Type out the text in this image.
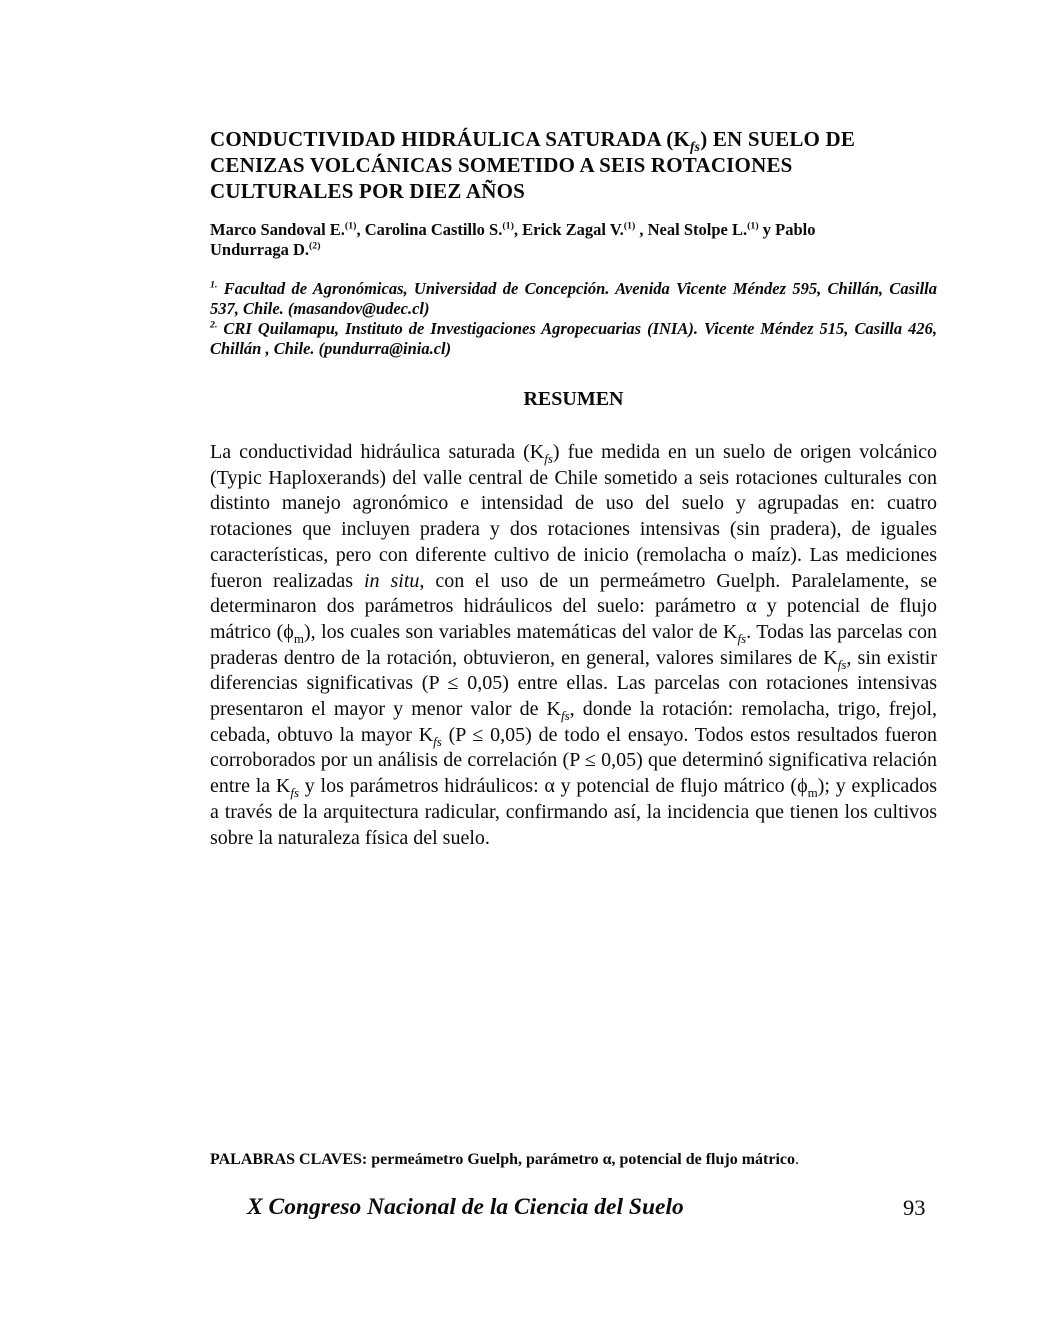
CONDUCTIVIDAD HIDRÁULICA SATURADA $(K_{fs})$ EN SUELO DE
CENIZAS VOLCÁNICAS SOMETIDO A SEIS ROTACIONES
CULTURALES POR DIEZ AÑOS
Marco Sandoval E.$^{(1)}$, Carolina Castillo S.$^{(1)}$, Erick Zagal V.$^{(1)}$ , Neal Stolpe L.$^{(1)}$ y Pablo
Undurraga D.$^{(2)}$

$^{1.}$ Facultad de Agronómicas, Universidad de Concepción. Avenida Vicente Méndez 595, Chillán, Casilla 537, Chile. (masandov@udec.cl)

$^{2.}$ CRI Quilamapu, Instituto de Investigaciones Agropecuarias (INIA). Vicente Méndez 515, Casilla 426, Chillán , Chile. (pundurra@inia.cl)

RESUMEN
La conductividad hidráulica saturada $(K_{fs})$ fue medida en un suelo de origen volcánico (Typic Haploxerands) del valle central de Chile sometido a seis rotaciones culturales con distinto manejo agronómico e intensidad de uso del suelo y agrupadas en: cuatro rotaciones que incluyen pradera y dos rotaciones intensivas (sin pradera), de iguales características, pero con diferente cultivo de inicio (remolacha o maíz). Las mediciones fueron realizadas in situ, con el uso de un permeámetro Guelph. Paralelamente, se determinaron dos parámetros hidráulicos del suelo: parámetro α y potencial de flujo mátrico $(\phi_m)$, los cuales son variables matemáticas del valor de $K_{fs}$. Todas las parcelas con praderas dentro de la rotación, obtuvieron, en general, valores similares de $K_{fs}$, sin existir diferencias significativas (P ≤ 0,05) entre ellas. Las parcelas con rotaciones intensivas presentaron el mayor y menor valor de $K_{fs}$, donde la rotación: remolacha, trigo, frejol, cebada, obtuvo la mayor $K_{fs}$ (P ≤ 0,05) de todo el ensayo. Todos estos resultados fueron corroborados por un análisis de correlación (P ≤ 0,05) que determinó significativa relación entre la $K_{fs}$ y los parámetros hidráulicos: α y potencial de flujo mátrico $(\phi_m)$; y explicados a través de la arquitectura radicular, confirmando así, la incidencia que tienen los cultivos sobre la naturaleza física del suelo.
PALABRAS CLAVES: permeámetro Guelph, parámetro α, potencial de flujo mátrico.
X Congreso Nacional de la Ciencia del Suelo	93
